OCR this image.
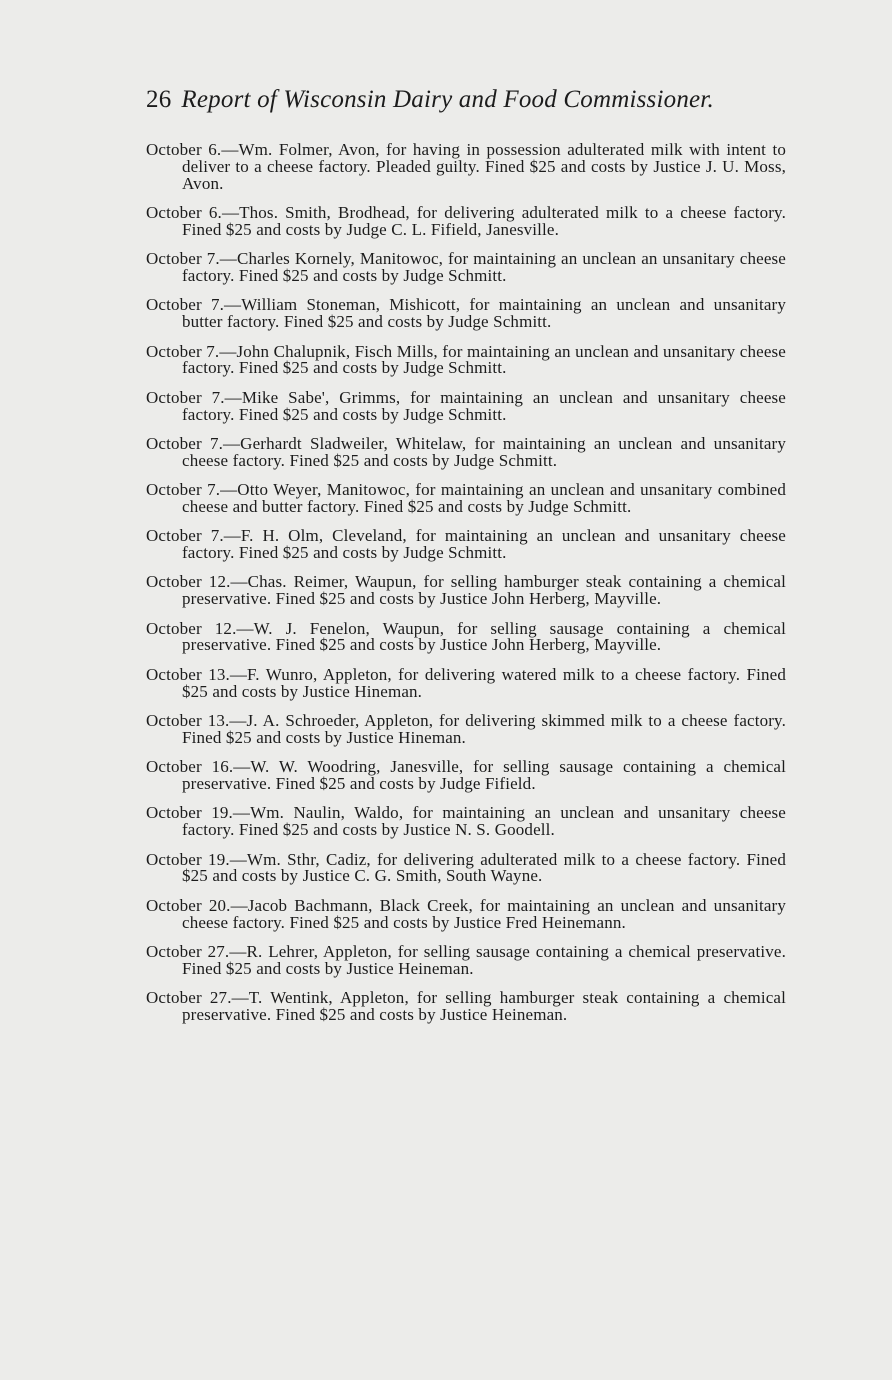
26 Report of Wisconsin Dairy and Food Commissioner.

October 6.—Wm. Folmer, Avon, for having in possession adulterated milk with intent to deliver to a cheese factory. Pleaded guilty. Fined $25 and costs by Justice J. U. Moss, Avon.

October 6.—Thos. Smith, Brodhead, for delivering adulterated milk to a cheese factory. Fined $25 and costs by Judge C. L. Fifield, Janesville.

October 7.—Charles Kornely, Manitowoc, for maintaining an unclean an unsanitary cheese factory. Fined $25 and costs by Judge Schmitt.

October 7.—William Stoneman, Mishicott, for maintaining an unclean and unsanitary butter factory. Fined $25 and costs by Judge Schmitt.

October 7.—John Chalupnik, Fisch Mills, for maintaining an unclean and unsanitary cheese factory. Fined $25 and costs by Judge Schmitt.

October 7.—Mike Sabe', Grimms, for maintaining an unclean and unsanitary cheese factory. Fined $25 and costs by Judge Schmitt.

October 7.—Gerhardt Sladweiler, Whitelaw, for maintaining an unclean and unsanitary cheese factory. Fined $25 and costs by Judge Schmitt.

October 7.—Otto Weyer, Manitowoc, for maintaining an unclean and unsanitary combined cheese and butter factory. Fined $25 and costs by Judge Schmitt.

October 7.—F. H. Olm, Cleveland, for maintaining an unclean and unsanitary cheese factory. Fined $25 and costs by Judge Schmitt.

October 12.—Chas. Reimer, Waupun, for selling hamburger steak containing a chemical preservative. Fined $25 and costs by Justice John Herberg, Mayville.

October 12.—W. J. Fenelon, Waupun, for selling sausage containing a chemical preservative. Fined $25 and costs by Justice John Herberg, Mayville.

October 13.—F. Wunro, Appleton, for delivering watered milk to a cheese factory. Fined $25 and costs by Justice Hineman.

October 13.—J. A. Schroeder, Appleton, for delivering skimmed milk to a cheese factory. Fined $25 and costs by Justice Hineman.

October 16.—W. W. Woodring, Janesville, for selling sausage containing a chemical preservative. Fined $25 and costs by Judge Fifield.

October 19.—Wm. Naulin, Waldo, for maintaining an unclean and unsanitary cheese factory. Fined $25 and costs by Justice N. S. Goodell.

October 19.—Wm. Sthr, Cadiz, for delivering adulterated milk to a cheese factory. Fined $25 and costs by Justice C. G. Smith, South Wayne.

October 20.—Jacob Bachmann, Black Creek, for maintaining an unclean and unsanitary cheese factory. Fined $25 and costs by Justice Fred Heinemann.

October 27.—R. Lehrer, Appleton, for selling sausage containing a chemical preservative. Fined $25 and costs by Justice Heineman.

October 27.—T. Wentink, Appleton, for selling hamburger steak containing a chemical preservative. Fined $25 and costs by Justice Heineman.
